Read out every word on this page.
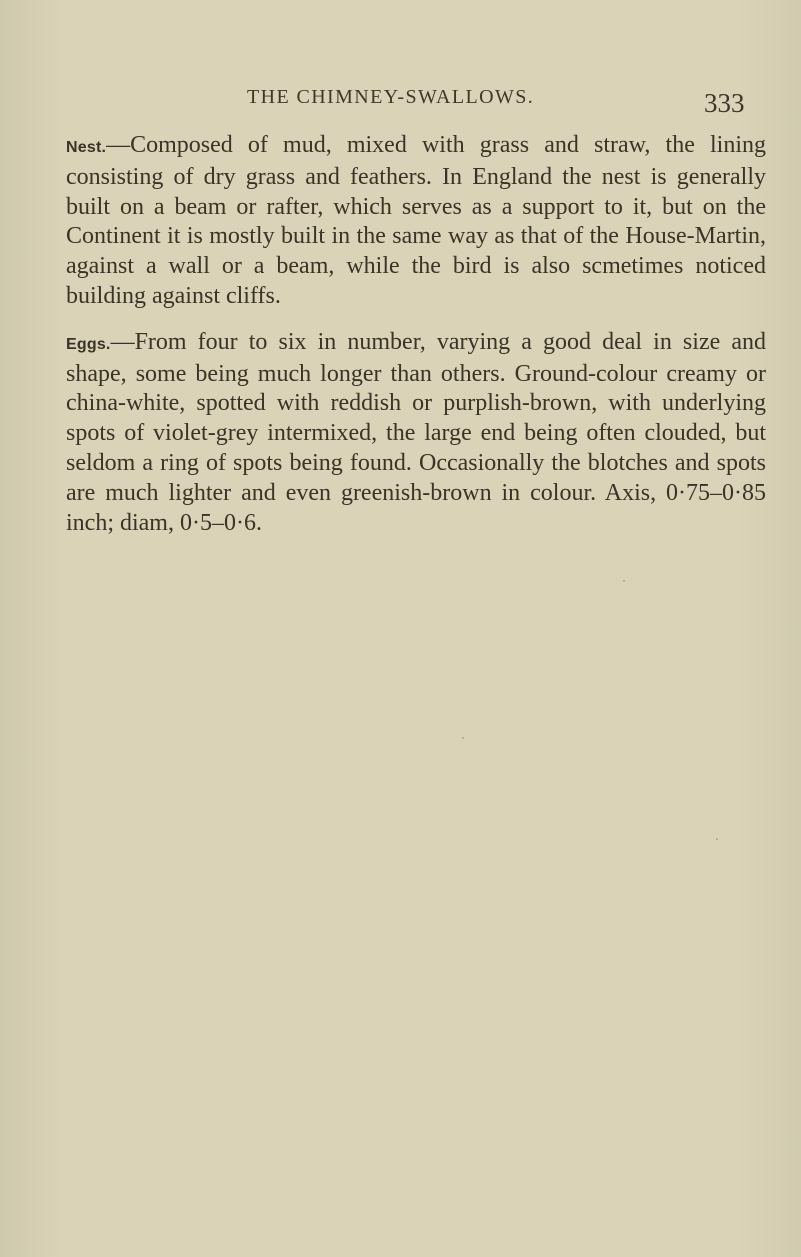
THE CHIMNEY-SWALLOWS.	333

Nest.—Composed of mud, mixed with grass and straw, the lining consisting of dry grass and feathers. In England the nest is generally built on a beam or rafter, which serves as a support to it, but on the Continent it is mostly built in the same way as that of the House-Martin, against a wall or a beam, while the bird is also scmetimes noticed building against cliffs.

Eggs.—From four to six in number, varying a good deal in size and shape, some being much longer than others. Ground-colour creamy or china-white, spotted with reddish or purplish-brown, with underlying spots of violet-grey intermixed, the large end being often clouded, but seldom a ring of spots being found. Occasionally the blotches and spots are much lighter and even greenish-brown in colour. Axis, 0·75–0·85 inch; diam, 0·5–0·6.
